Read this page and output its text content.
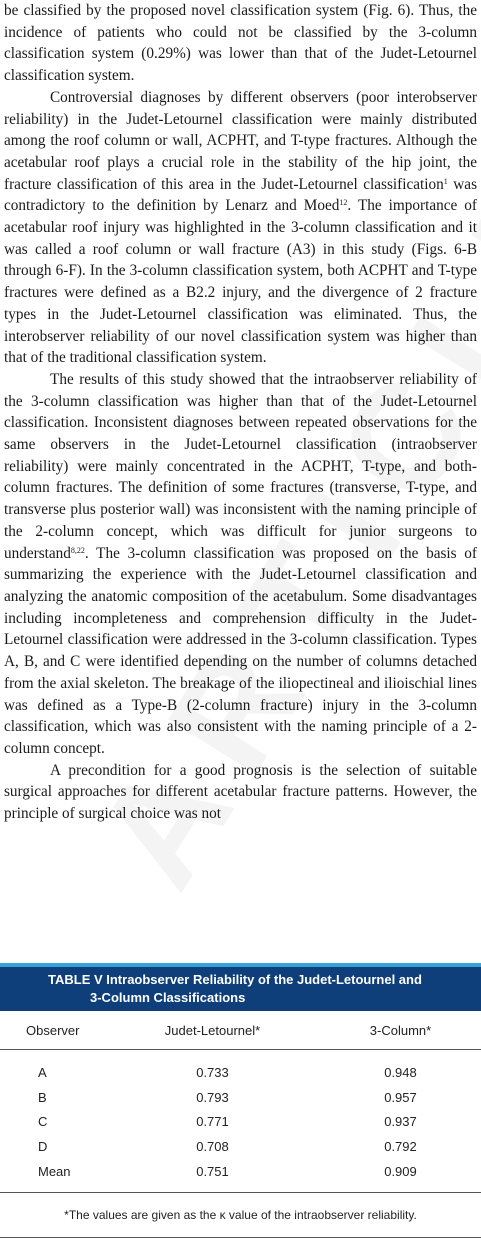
be classified by the proposed novel classification system (Fig. 6). Thus, the incidence of patients who could not be classified by the 3-column classification system (0.29%) was lower than that of the Judet-Letournel classification system.

Controversial diagnoses by different observers (poor interobserver reliability) in the Judet-Letournel classification were mainly distributed among the roof column or wall, ACPHT, and T-type fractures. Although the acetabular roof plays a crucial role in the stability of the hip joint, the fracture classification of this area in the Judet-Letournel classification$^1$ was contradictory to the definition by Lenarz and Moed$^{12}$. The importance of acetabular roof injury was highlighted in the 3-column classification and it was called a roof column or wall fracture (A3) in this study (Figs. 6-B through 6-F). In the 3-column classification system, both ACPHT and T-type fractures were defined as a B2.2 injury, and the divergence of 2 fracture types in the Judet-Letournel classification was eliminated. Thus, the interobserver reliability of our novel classification system was higher than that of the traditional classification system.

The results of this study showed that the intraobserver reliability of the 3-column classification was higher than that of the Judet-Letournel classification. Inconsistent diagnoses between repeated observations for the same observers in the Judet-Letournel classification (intraobserver reliability) were mainly concentrated in the ACPHT, T-type, and both-column fractures. The definition of some fractures (transverse, T-type, and transverse plus posterior wall) was inconsistent with the naming principle of the 2-column concept, which was difficult for junior surgeons to understand$^{8,22}$. The 3-column classification was proposed on the basis of summarizing the experience with the Judet-Letournel classification and analyzing the anatomic composition of the acetabulum. Some disadvantages including incompleteness and comprehension difficulty in the Judet-Letournel classification were addressed in the 3-column classification. Types A, B, and C were identified depending on the number of columns detached from the axial skeleton. The breakage of the iliopectineal and ilioischial lines was defined as a Type-B (2-column fracture) injury in the 3-column classification, which was also consistent with the naming principle of a 2-column concept.

A precondition for a good prognosis is the selection of suitable surgical approaches for different acetabular fracture patterns. However, the principle of surgical choice was not

TABLE V Intraobserver Reliability of the Judet-Letournel and
3-Column Classifications
Observer	Judet-Letournel*	3-Column*
A	0.733	0.948
B	0.793	0.957
C	0.771	0.937
D	0.708	0.792
Mean	0.751	0.909
*The values are given as the κ value of the intraobserver reliability.
